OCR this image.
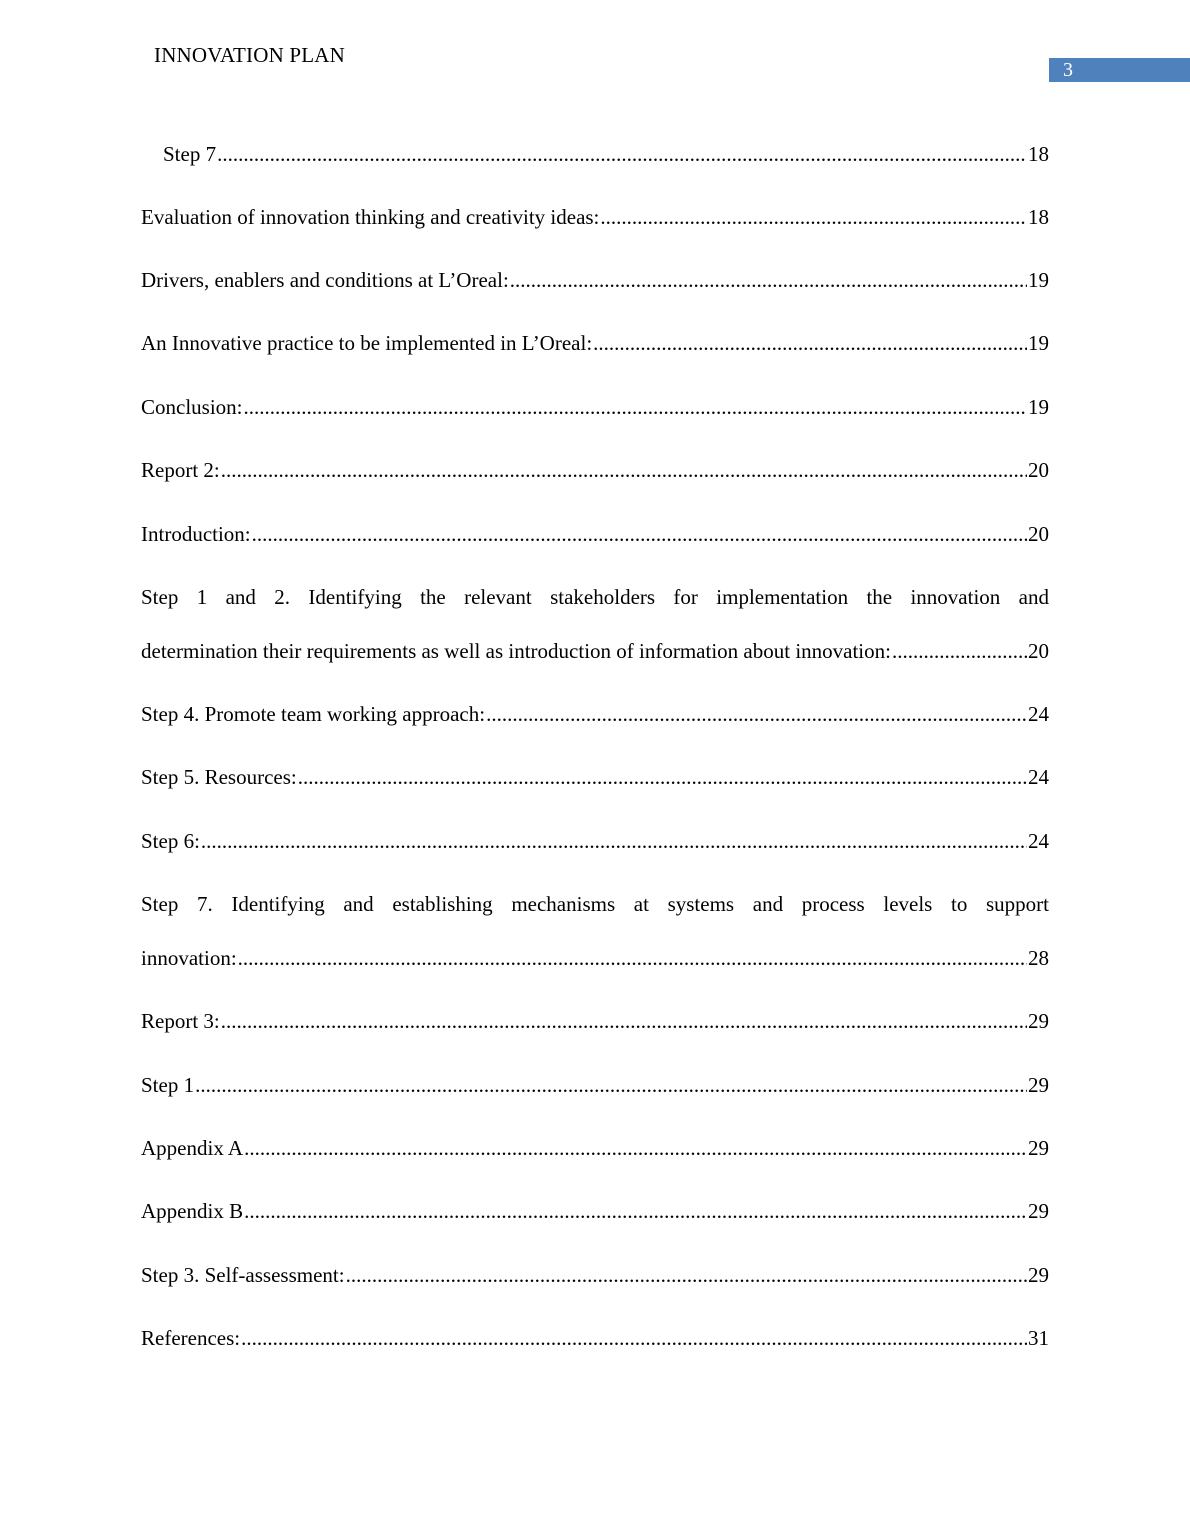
INNOVATION PLAN
3
Step 7 .....	18
Evaluation of innovation thinking and creativity ideas: .....	18
Drivers, enablers and conditions at L’Oreal: .....	19
An Innovative practice to be implemented in L’Oreal: .....	19
Conclusion: .....	19
Report 2: .....	20
Introduction: .....	20
Step 1 and 2. Identifying the relevant stakeholders for implementation the innovation and
determination their requirements as well as introduction of information about innovation: .....	20
Step 4. Promote team working approach: .....	24
Step 5. Resources: .....	24
Step 6: .....	24
Step 7. Identifying and establishing mechanisms at systems and process levels to support
innovation: .....	28
Report 3: .....	29
Step 1 .....	29
Appendix A .....	29
Appendix B .....	29
Step 3. Self-assessment: .....	29
References: .....	31
